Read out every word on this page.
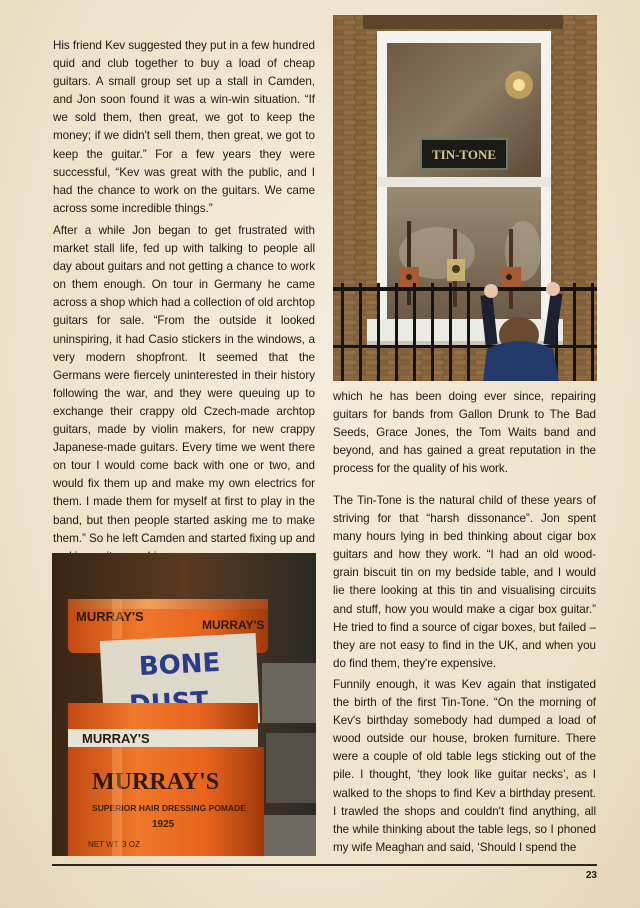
His friend Kev suggested they put in a few hundred quid and club together to buy a load of cheap guitars. A small group set up a stall in Camden, and Jon soon found it was a win-win situation. “If we sold them, then great, we got to keep the money; if we didn't sell them, then great, we got to keep the guitar.” For a few years they were successful, “Kev was great with the public, and I had the chance to work on the guitars. We came across some incredible things.”

After a while Jon began to get frustrated with market stall life, fed up with talking to people all day about guitars and not getting a chance to work on them enough. On tour in Germany he came across a shop which had a collection of old archtop guitars for sale. “From the outside it looked uninspiring, it had Casio stickers in the windows, a very modern shopfront. It seemed that the Germans were fiercely uninterested in their history following the war, and they were queuing up to exchange their crappy old Czech-made archtop guitars, made by violin makers, for new crappy Japanese-made guitars. Every time we went there on tour I would come back with one or two, and would fix them up and make my own electrics for them. I made them for myself at first to play in the band, but then people started asking me to make them.” So he left Camden and started fixing up and

TIN-TONE

which he has been doing ever since, repairing guitars for bands from Gallon Drunk to The Bad Seeds, Grace Jones, the Tom Waits band and beyond, and has gained a great reputation in the process for the quality of his work.

The Tin-Tone is the natural child of these years of striving for that “harsh dissonance”. Jon spent many hours lying in bed thinking about cigar box guitars and how they work. “I had an old wood-grain biscuit tin on my bedside table, and I would lie there looking at this tin and visualising circuits and stuff, how you would make a cigar box guitar.” He tried to find a source of cigar boxes, but failed – they are not easy to find in the UK, and when you do find them, they're expensive.

MURRAY'S
MURRAY'S
BONE
MURRAY'S
MURRAY'S
SUPERIOR HAIR DRESSING POMADE
1925
NET WT. 3 OZ

Funnily enough, it was Kev again that instigated the birth of the first Tin-Tone. “On the morning of Kev's birthday somebody had dumped a load of wood outside our house, broken furniture. There were a couple of old table legs sticking out of the pile. I thought, ‘they look like guitar necks’, as I walked to the shops to find Kev a birthday present. I trawled the shops and couldn't find anything, all the while thinking about the table legs, so I phoned my wife Meaghan and said, ‘Should I spend the

23
